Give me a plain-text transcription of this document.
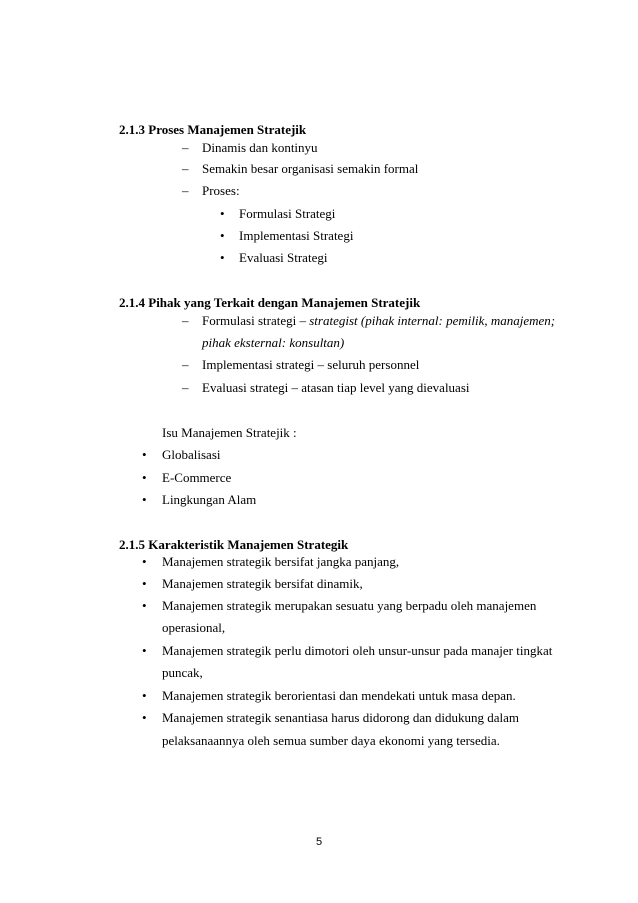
2.1.3 Proses Manajemen Stratejik
– Dinamis dan kontinyu
– Semakin besar organisasi semakin formal
– Proses:
• Formulasi Strategi
• Implementasi Strategi
• Evaluasi Strategi
2.1.4 Pihak yang Terkait dengan Manajemen Stratejik
– Formulasi strategi – strategist (pihak internal: pemilik, manajemen;
pihak eksternal: konsultan)
– Implementasi strategi – seluruh personnel
– Evaluasi strategi – atasan tiap level yang dievaluasi
Isu Manajemen Stratejik :
• Globalisasi
• E-Commerce
• Lingkungan Alam
2.1.5 Karakteristik Manajemen Strategik
• Manajemen strategik bersifat jangka panjang,
• Manajemen strategik bersifat dinamik,
• Manajemen strategik merupakan sesuatu yang berpadu oleh manajemen
operasional,
• Manajemen strategik perlu dimotori oleh unsur-unsur pada manajer tingkat
puncak,
• Manajemen strategik berorientasi dan mendekati untuk masa depan.
• Manajemen strategik senantiasa harus didorong dan didukung dalam
pelaksanaannya oleh semua sumber daya ekonomi yang tersedia.
5
